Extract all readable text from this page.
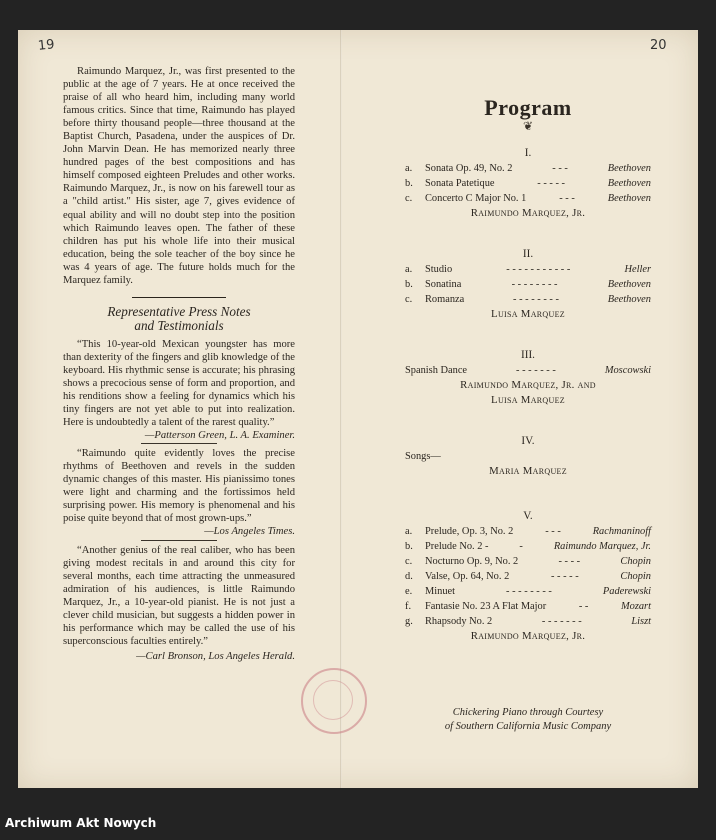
19	20

Raimundo Marquez, Jr., was first presented to the public at the age of 7 years. He at once received the praise of all who heard him, including many world famous critics. Since that time, Raimundo has played before thirty thousand people—three thousand at the Baptist Church, Pasadena, under the auspices of Dr. John Marvin Dean. He has memorized nearly three hundred pages of the best compositions and has himself composed eighteen Preludes and other works. Raimundo Marquez, Jr., is now on his farewell tour as a "child artist." His sister, age 7, gives evidence of equal ability and will no doubt step into the position which Raimundo leaves open. The father of these children has put his whole life into their musical education, being the sole teacher of the boy since he was 4 years of age. The future holds much for the Marquez family.

Representative Press Notes
and Testimonials
“This 10-year-old Mexican youngster has more than dexterity of the fingers and glib knowledge of the keyboard. His rhythmic sense is accurate; his phrasing shows a precocious sense of form and proportion, and his renditions show a feeling for dynamics which his tiny fingers are not yet able to put into realization. Here is undoubtedly a talent of the rarest quality.”
—Patterson Green, L. A. Examiner.
“Raimundo quite evidently loves the precise rhythms of Beethoven and revels in the sudden dynamic changes of this master. His pianissimo tones were light and charming and the fortissimos held surprising power. His memory is phenomenal and his poise quite beyond that of most grown-ups.”
—Los Angeles Times.
“Another genius of the real caliber, who has been giving modest recitals in and around this city for several months, each time attracting the unmeasured admiration of his audiences, is little Raimundo Marquez, Jr., a 10-year-old pianist. He is not just a clever child musician, but suggests a hidden power in his performance which may be called the use of his superconscious faculties entirely.”
—Carl Bronson, Los Angeles Herald.
Program
❦
I.
a.	Sonata Op. 49, No. 2	- - -	Beethoven
b.	Sonata Patetique	- - - - -	Beethoven
c.	Concerto C Major No. 1	- - -	Beethoven
Raimundo Marquez, Jr.
II.
a.	Studio	- - - - - - - - - - -	Heller
b.	Sonatina	- - - - - - - -	Beethoven
c.	Romanza	- - - - - - - -	Beethoven
Luisa Marquez
III.
Spanish Dance	- - - - - - -	Moscowski
Raimundo Marquez, Jr. and
Luisa Marquez
IV.
Songs—
Maria Marquez
V.
a.	Prelude, Op. 3, No. 2	- - -	Rachmaninoff
b.	Prelude No. 2 -	-	Raimundo Marquez, Jr.
c.	Nocturno Op. 9, No. 2	- - - -	Chopin
d.	Valse, Op. 64, No. 2	- - - - -	Chopin
e.	Minuet	- - - - - - - -	Paderewski
f.	Fantasie No. 23 A Flat Major	- -	Mozart
g.	Rhapsody No. 2	- - - - - - -	Liszt
Raimundo Marquez, Jr.
Chickering Piano through Courtesy
of Southern California Music Company
Archiwum Akt Nowych
